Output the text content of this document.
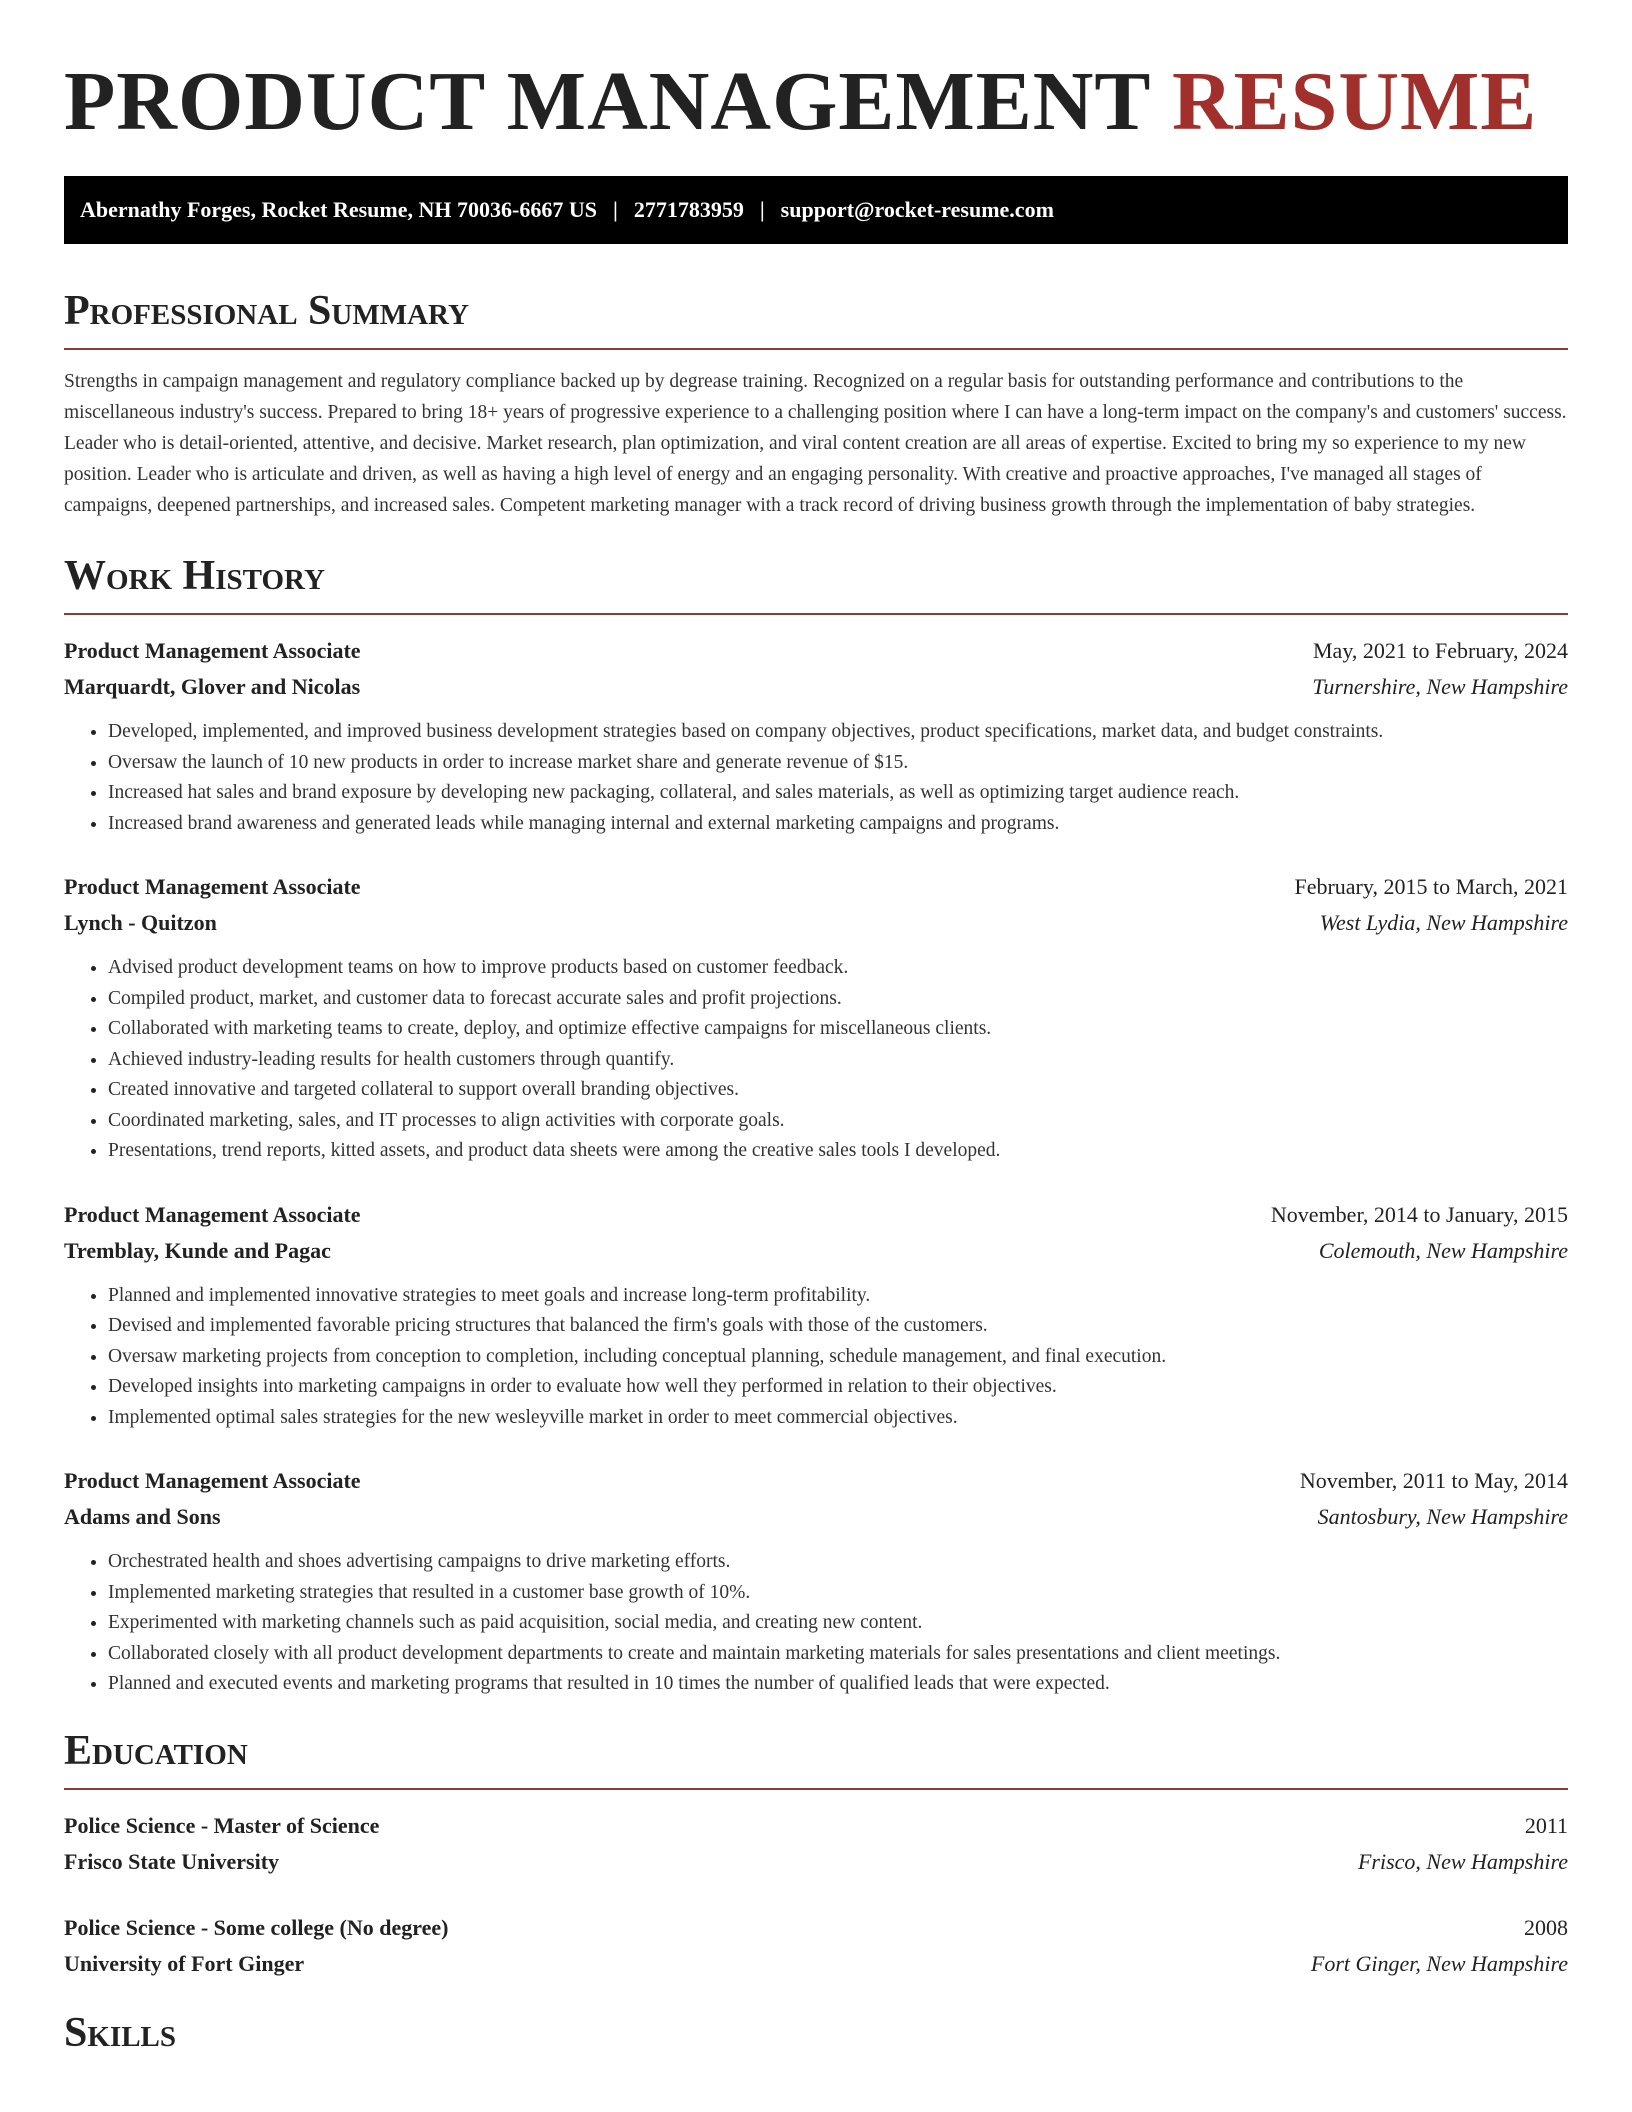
PRODUCT MANAGEMENT RESUME
Abernathy Forges, Rocket Resume, NH 70036-6667 US | 2771783959 | support@rocket-resume.com
Professional Summary

Strengths in campaign management and regulatory compliance backed up by degrease training. Recognized on a regular basis for outstanding performance and contributions to the miscellaneous industry's success. Prepared to bring 18+ years of progressive experience to a challenging position where I can have a long-term impact on the company's and customers' success. Leader who is detail-oriented, attentive, and decisive. Market research, plan optimization, and viral content creation are all areas of expertise. Excited to bring my so experience to my new position. Leader who is articulate and driven, as well as having a high level of energy and an engaging personality. With creative and proactive approaches, I've managed all stages of campaigns, deepened partnerships, and increased sales. Competent marketing manager with a track record of driving business growth through the implementation of baby strategies.

Work History
Product Management Associate	May, 2021 to February, 2024
Marquardt, Glover and Nicolas	Turnershire, New Hampshire
• Developed, implemented, and improved business development strategies based on company objectives, product specifications, market data, and budget constraints.
• Oversaw the launch of 10 new products in order to increase market share and generate revenue of $15.
• Increased hat sales and brand exposure by developing new packaging, collateral, and sales materials, as well as optimizing target audience reach.
• Increased brand awareness and generated leads while managing internal and external marketing campaigns and programs.
Product Management Associate	February, 2015 to March, 2021
Lynch - Quitzon	West Lydia, New Hampshire
• Advised product development teams on how to improve products based on customer feedback.
• Compiled product, market, and customer data to forecast accurate sales and profit projections.
• Collaborated with marketing teams to create, deploy, and optimize effective campaigns for miscellaneous clients.
• Achieved industry-leading results for health customers through quantify.
• Created innovative and targeted collateral to support overall branding objectives.
• Coordinated marketing, sales, and IT processes to align activities with corporate goals.
• Presentations, trend reports, kitted assets, and product data sheets were among the creative sales tools I developed.
Product Management Associate	November, 2014 to January, 2015
Tremblay, Kunde and Pagac	Colemouth, New Hampshire
• Planned and implemented innovative strategies to meet goals and increase long-term profitability.
• Devised and implemented favorable pricing structures that balanced the firm's goals with those of the customers.
• Oversaw marketing projects from conception to completion, including conceptual planning, schedule management, and final execution.
• Developed insights into marketing campaigns in order to evaluate how well they performed in relation to their objectives.
• Implemented optimal sales strategies for the new wesleyville market in order to meet commercial objectives.
Product Management Associate	November, 2011 to May, 2014
Adams and Sons	Santosbury, New Hampshire
• Orchestrated health and shoes advertising campaigns to drive marketing efforts.
• Implemented marketing strategies that resulted in a customer base growth of 10%.
• Experimented with marketing channels such as paid acquisition, social media, and creating new content.
• Collaborated closely with all product development departments to create and maintain marketing materials for sales presentations and client meetings.
• Planned and executed events and marketing programs that resulted in 10 times the number of qualified leads that were expected.
Education
Police Science - Master of Science	2011
Frisco State University	Frisco, New Hampshire
Police Science - Some college (No degree)	2008
University of Fort Ginger	Fort Ginger, New Hampshire
Skills
